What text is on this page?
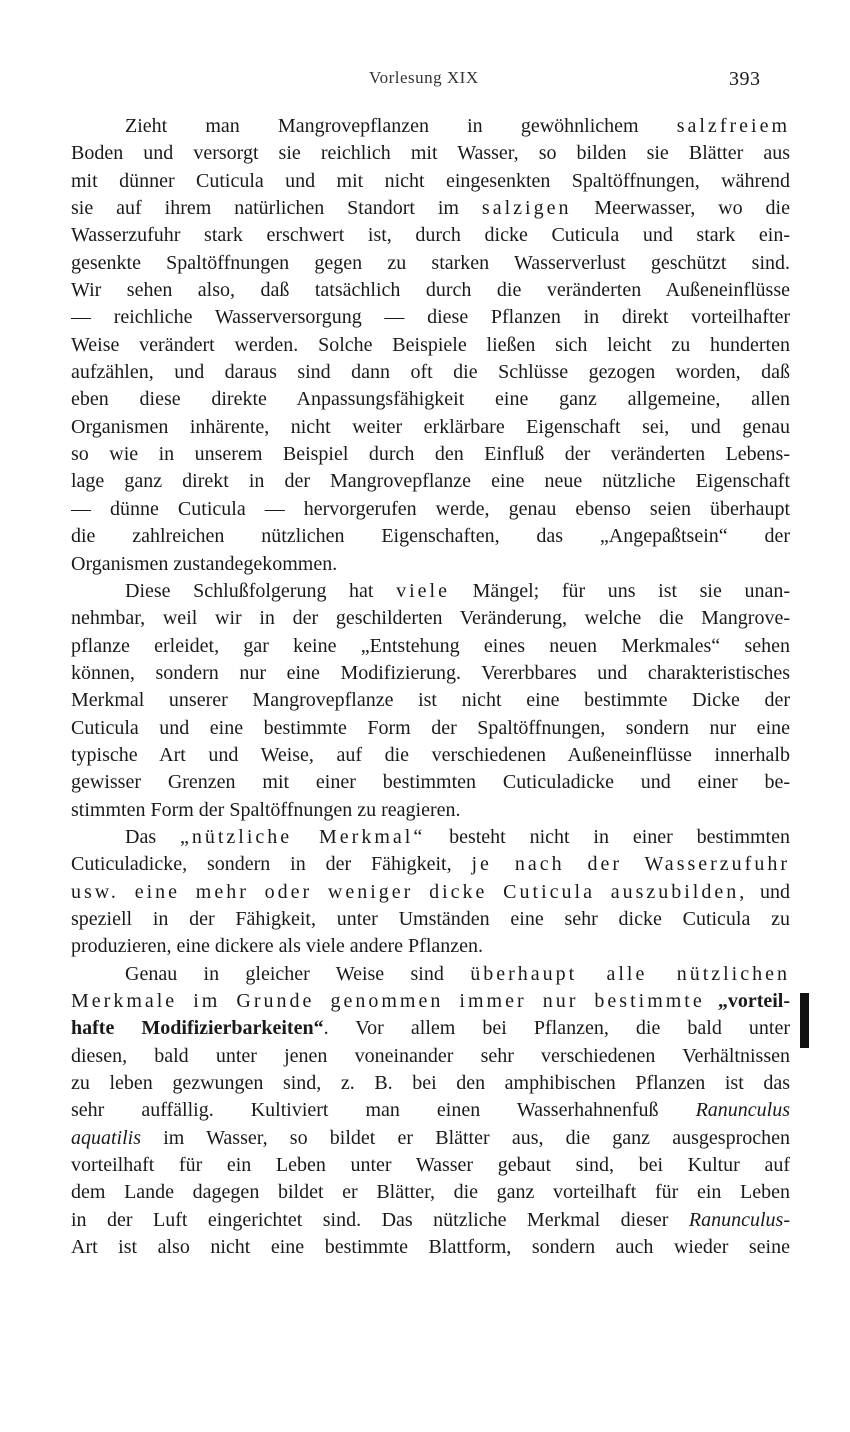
Vorlesung XIX	393
Zieht man Mangrovepflanzen in gewöhnlichem salzfreiem
Boden und versorgt sie reichlich mit Wasser, so bilden sie Blätter aus
mit dünner Cuticula und mit nicht eingesenkten Spaltöffnungen, während
sie auf ihrem natürlichen Standort im salzigen Meerwasser, wo die
Wasserzufuhr stark erschwert ist, durch dicke Cuticula und stark ein-
gesenkte Spaltöffnungen gegen zu starken Wasserverlust geschützt sind.
Wir sehen also, daß tatsächlich durch die veränderten Außeneinflüsse
— reichliche Wasserversorgung — diese Pflanzen in direkt vorteilhafter
Weise verändert werden. Solche Beispiele ließen sich leicht zu hunderten
aufzählen, und daraus sind dann oft die Schlüsse gezogen worden, daß
eben diese direkte Anpassungsfähigkeit eine ganz allgemeine, allen
Organismen inhärente, nicht weiter erklärbare Eigenschaft sei, und genau
so wie in unserem Beispiel durch den Einfluß der veränderten Lebens-
lage ganz direkt in der Mangrovepflanze eine neue nützliche Eigenschaft
— dünne Cuticula — hervorgerufen werde, genau ebenso seien überhaupt
die zahlreichen nützlichen Eigenschaften, das „Angepaßtsein“ der
Organismen zustandegekommen.
Diese Schlußfolgerung hat viele Mängel; für uns ist sie unan-
nehmbar, weil wir in der geschilderten Veränderung, welche die Mangrove-
pflanze erleidet, gar keine „Entstehung eines neuen Merkmales“ sehen
können, sondern nur eine Modifizierung. Vererbbares und charakteristisches
Merkmal unserer Mangrovepflanze ist nicht eine bestimmte Dicke der
Cuticula und eine bestimmte Form der Spaltöffnungen, sondern nur eine
typische Art und Weise, auf die verschiedenen Außeneinflüsse innerhalb
gewisser Grenzen mit einer bestimmten Cuticuladicke und einer be-
stimmten Form der Spaltöffnungen zu reagieren.
Das „nützliche Merkmal“ besteht nicht in einer bestimmten
Cuticuladicke, sondern in der Fähigkeit, je nach der Wasserzufuhr
usw. eine mehr oder weniger dicke Cuticula auszubilden, und
speziell in der Fähigkeit, unter Umständen eine sehr dicke Cuticula zu
produzieren, eine dickere als viele andere Pflanzen.
Genau in gleicher Weise sind überhaupt alle nützlichen
Merkmale im Grunde genommen immer nur bestimmte „vorteil-
hafte Modifizierbarkeiten“. Vor allem bei Pflanzen, die bald unter
diesen, bald unter jenen voneinander sehr verschiedenen Verhältnissen
zu leben gezwungen sind, z. B. bei den amphibischen Pflanzen ist das
sehr auffällig. Kultiviert man einen Wasserhahnenfuß Ranunculus
aquatilis im Wasser, so bildet er Blätter aus, die ganz ausgesprochen
vorteilhaft für ein Leben unter Wasser gebaut sind, bei Kultur auf
dem Lande dagegen bildet er Blätter, die ganz vorteilhaft für ein Leben
in der Luft eingerichtet sind. Das nützliche Merkmal dieser Ranunculus-
Art ist also nicht eine bestimmte Blattform, sondern auch wieder seine
